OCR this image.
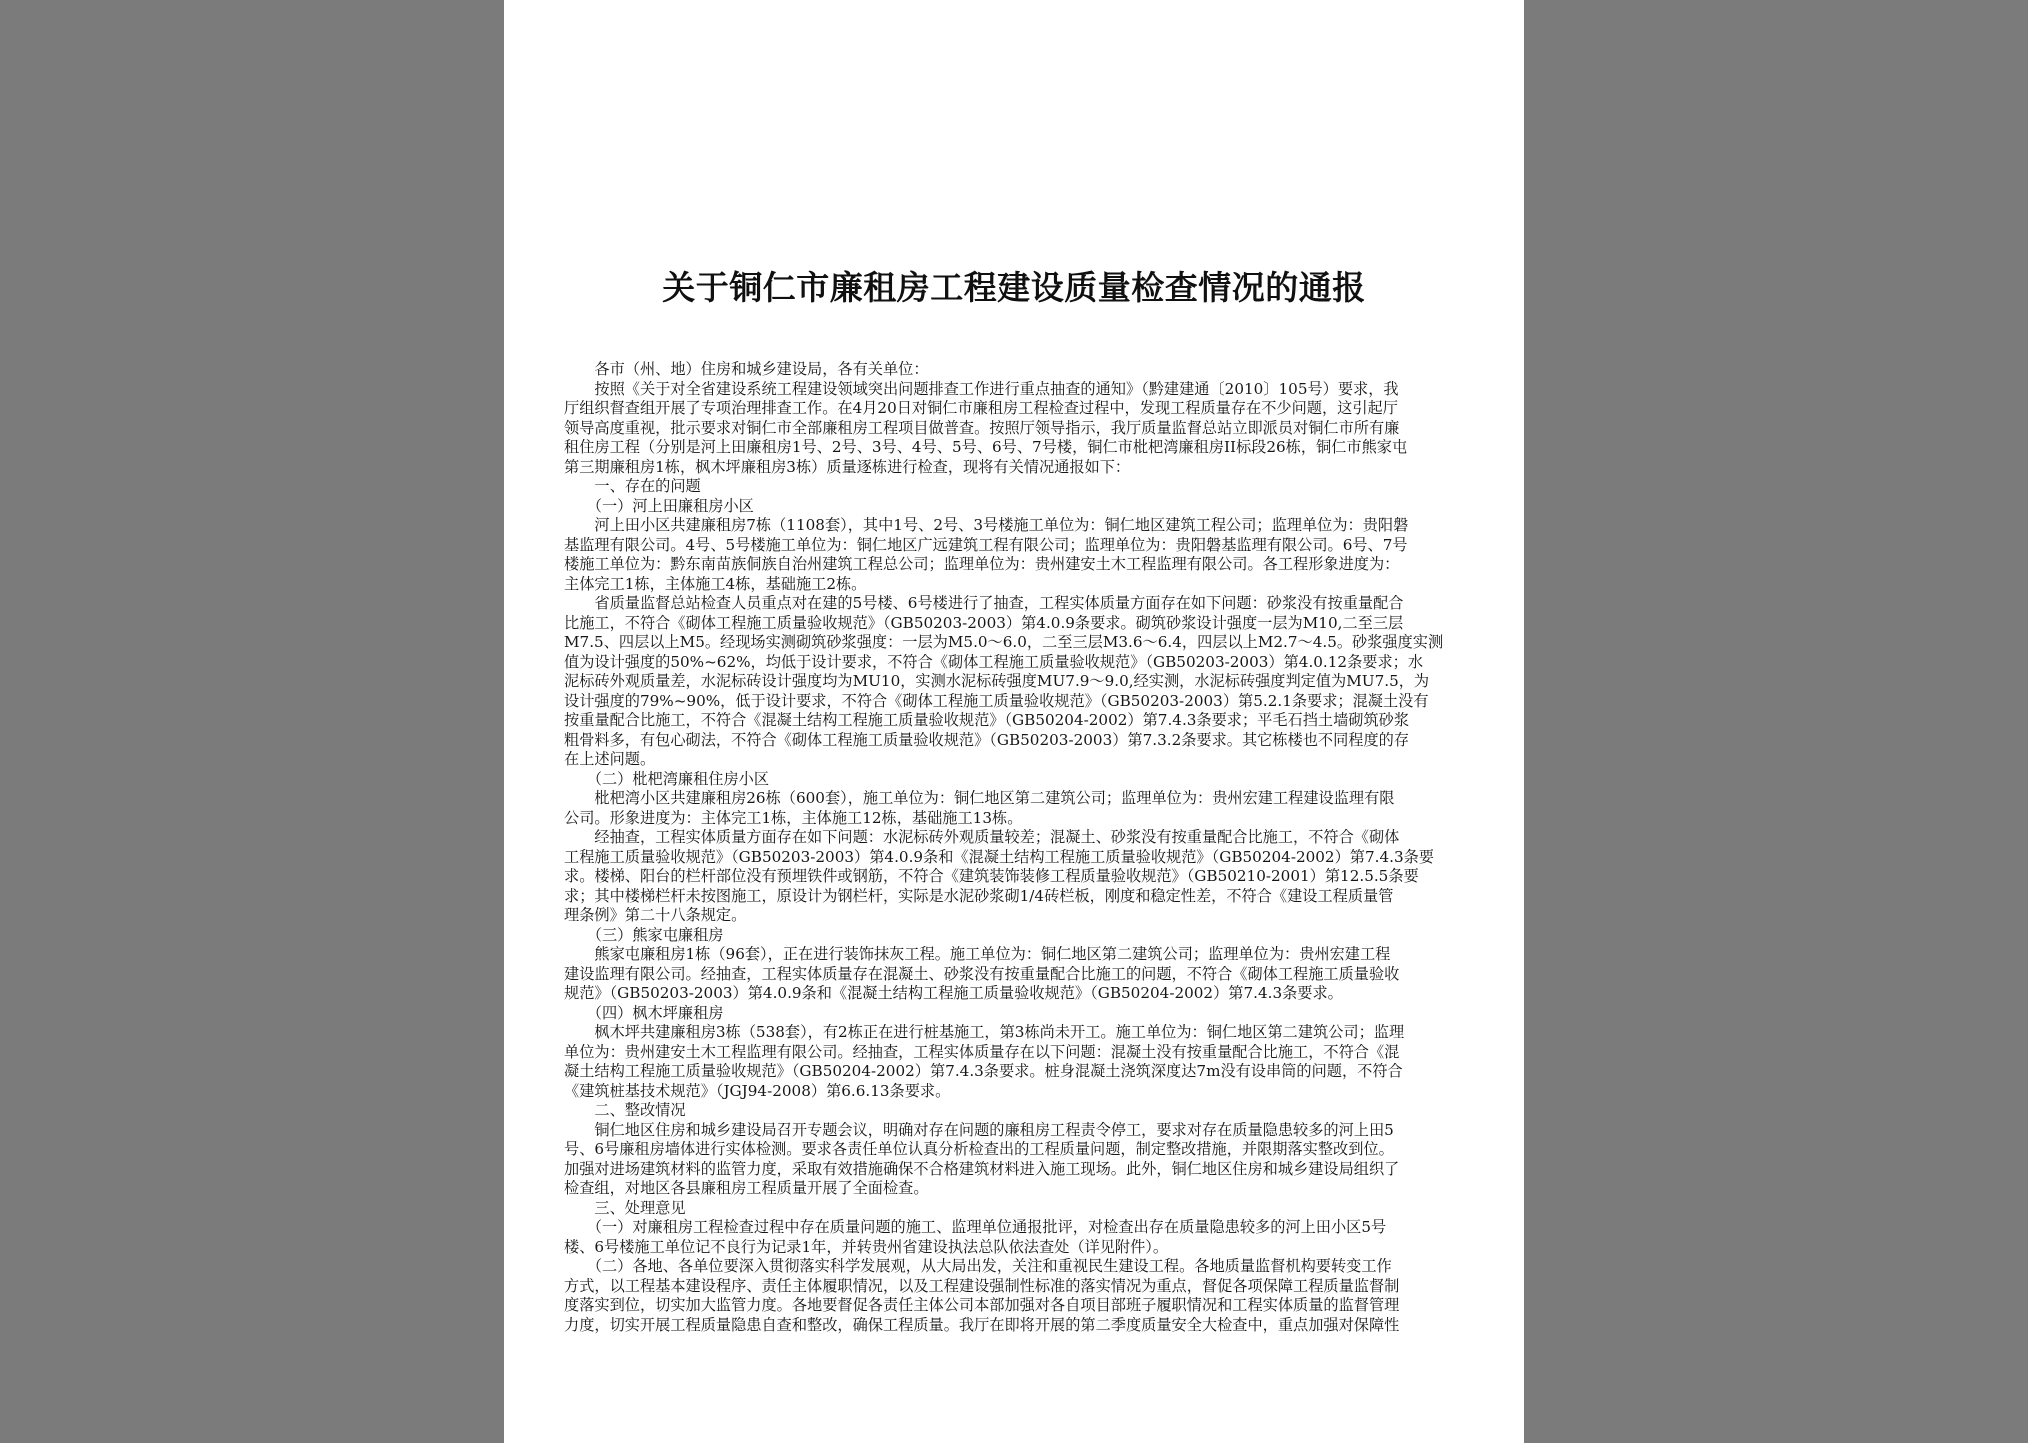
关于铜仁市廉租房工程建设质量检查情况的通报
　　各市（州、地）住房和城乡建设局，各有关单位：
　　按照《关于对全省建设系统工程建设领域突出问题排查工作进行重点抽查的通知》（黔建建通〔2010〕105号）要求，我
厅组织督查组开展了专项治理排查工作。在4月20日对铜仁市廉租房工程检查过程中，发现工程质量存在不少问题，这引起厅
领导高度重视，批示要求对铜仁市全部廉租房工程项目做普查。按照厅领导指示，我厅质量监督总站立即派员对铜仁市所有廉
租住房工程（分别是河上田廉租房1号、2号、3号、4号、5号、6号、7号楼，铜仁市枇杷湾廉租房II标段26栋，铜仁市熊家屯
第三期廉租房1栋，枫木坪廉租房3栋）质量逐栋进行检查，现将有关情况通报如下：
　　一、存在的问题
　　（一）河上田廉租房小区
　　河上田小区共建廉租房7栋（1108套），其中1号、2号、3号楼施工单位为：铜仁地区建筑工程公司；监理单位为：贵阳磐
基监理有限公司。4号、5号楼施工单位为：铜仁地区广远建筑工程有限公司；监理单位为：贵阳磐基监理有限公司。6号、7号
楼施工单位为：黔东南苗族侗族自治州建筑工程总公司；监理单位为：贵州建安土木工程监理有限公司。各工程形象进度为：
主体完工1栋，主体施工4栋，基础施工2栋。
　　省质量监督总站检查人员重点对在建的5号楼、6号楼进行了抽查，工程实体质量方面存在如下问题：砂浆没有按重量配合
比施工，不符合《砌体工程施工质量验收规范》（GB50203-2003）第4.0.9条要求。砌筑砂浆设计强度一层为M10,二至三层
M7.5、四层以上M5。经现场实测砌筑砂浆强度：一层为M5.0～6.0，二至三层M3.6～6.4，四层以上M2.7～4.5。砂浆强度实测
值为设计强度的50%~62%，均低于设计要求，不符合《砌体工程施工质量验收规范》（GB50203-2003）第4.0.12条要求；水
泥标砖外观质量差，水泥标砖设计强度均为MU10，实测水泥标砖强度MU7.9～9.0,经实测，水泥标砖强度判定值为MU7.5，为
设计强度的79%~90%，低于设计要求，不符合《砌体工程施工质量验收规范》（GB50203-2003）第5.2.1条要求；混凝土没有
按重量配合比施工，不符合《混凝土结构工程施工质量验收规范》（GB50204-2002）第7.4.3条要求；平毛石挡土墙砌筑砂浆
粗骨料多，有包心砌法，不符合《砌体工程施工质量验收规范》（GB50203-2003）第7.3.2条要求。其它栋楼也不同程度的存
在上述问题。
　　（二）枇杷湾廉租住房小区
　　枇杷湾小区共建廉租房26栋（600套），施工单位为：铜仁地区第二建筑公司；监理单位为：贵州宏建工程建设监理有限
公司。形象进度为：主体完工1栋，主体施工12栋，基础施工13栋。
　　经抽查，工程实体质量方面存在如下问题：水泥标砖外观质量较差；混凝土、砂浆没有按重量配合比施工，不符合《砌体
工程施工质量验收规范》（GB50203-2003）第4.0.9条和《混凝土结构工程施工质量验收规范》（GB50204-2002）第7.4.3条要
求。楼梯、阳台的栏杆部位没有预埋铁件或钢筋，不符合《建筑装饰装修工程质量验收规范》（GB50210-2001）第12.5.5条要
求；其中楼梯栏杆未按图施工，原设计为钢栏杆，实际是水泥砂浆砌1/4砖栏板，刚度和稳定性差，不符合《建设工程质量管
理条例》第二十八条规定。
　　（三）熊家屯廉租房
　　熊家屯廉租房1栋（96套），正在进行装饰抹灰工程。施工单位为：铜仁地区第二建筑公司；监理单位为：贵州宏建工程
建设监理有限公司。经抽查，工程实体质量存在混凝土、砂浆没有按重量配合比施工的问题，不符合《砌体工程施工质量验收
规范》（GB50203-2003）第4.0.9条和《混凝土结构工程施工质量验收规范》（GB50204-2002）第7.4.3条要求。
　　（四）枫木坪廉租房
　　枫木坪共建廉租房3栋（538套），有2栋正在进行桩基施工，第3栋尚未开工。施工单位为：铜仁地区第二建筑公司；监理
单位为：贵州建安土木工程监理有限公司。经抽查，工程实体质量存在以下问题：混凝土没有按重量配合比施工，不符合《混
凝土结构工程施工质量验收规范》（GB50204-2002）第7.4.3条要求。桩身混凝土浇筑深度达7m没有设串筒的问题，不符合
《建筑桩基技术规范》（JGJ94-2008）第6.6.13条要求。
　　二、整改情况
　　铜仁地区住房和城乡建设局召开专题会议，明确对存在问题的廉租房工程责令停工，要求对存在质量隐患较多的河上田5
号、6号廉租房墙体进行实体检测。要求各责任单位认真分析检查出的工程质量问题，制定整改措施，并限期落实整改到位。
加强对进场建筑材料的监管力度，采取有效措施确保不合格建筑材料进入施工现场。此外，铜仁地区住房和城乡建设局组织了
检查组，对地区各县廉租房工程质量开展了全面检查。
　　三、处理意见
　　（一）对廉租房工程检查过程中存在质量问题的施工、监理单位通报批评，对检查出存在质量隐患较多的河上田小区5号
楼、6号楼施工单位记不良行为记录1年，并转贵州省建设执法总队依法查处（详见附件）。
　　（二）各地、各单位要深入贯彻落实科学发展观，从大局出发，关注和重视民生建设工程。各地质量监督机构要转变工作
方式，以工程基本建设程序、责任主体履职情况，以及工程建设强制性标准的落实情况为重点，督促各项保障工程质量监督制
度落实到位，切实加大监管力度。各地要督促各责任主体公司本部加强对各自项目部班子履职情况和工程实体质量的监督管理
力度，切实开展工程质量隐患自查和整改，确保工程质量。我厅在即将开展的第二季度质量安全大检查中，重点加强对保障性
